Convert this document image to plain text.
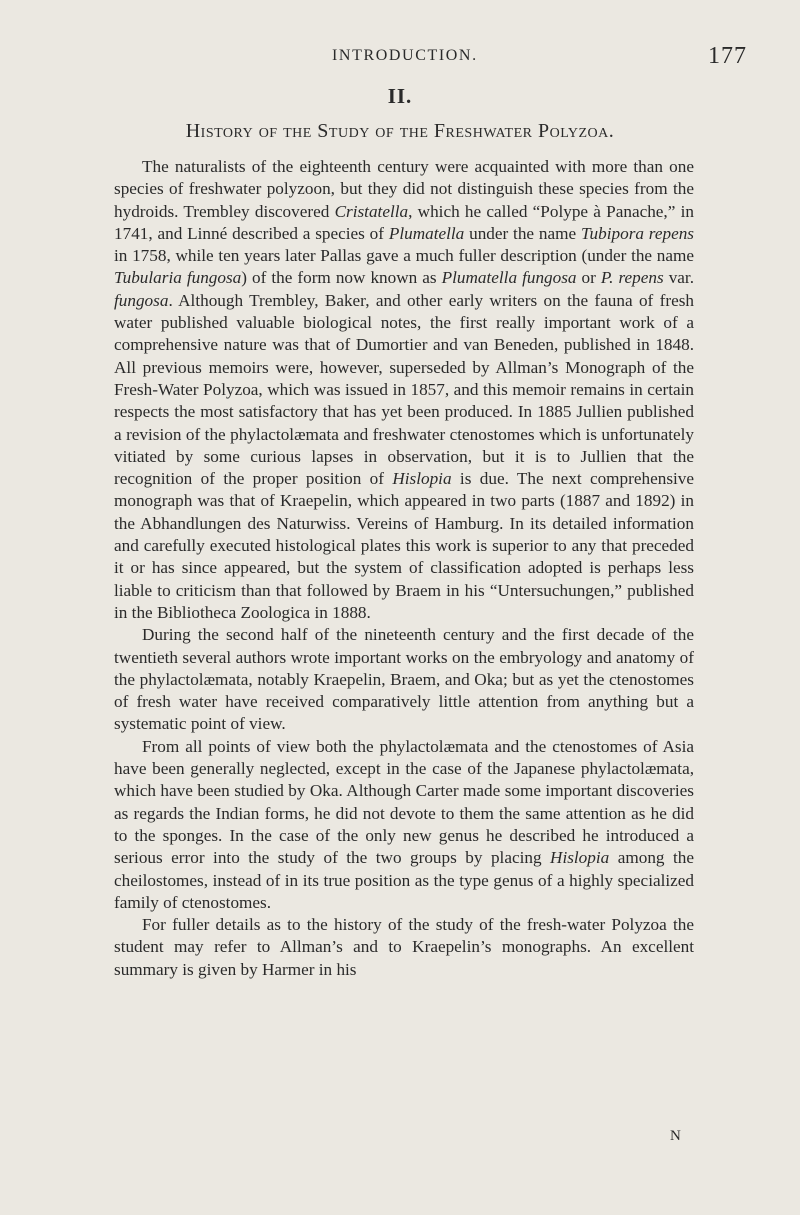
INTRODUCTION.	177
II.
History of the Study of the Freshwater Polyzoa.

The naturalists of the eighteenth century were acquainted with more than one species of freshwater polyzoon, but they did not distinguish these species from the hydroids. Trembley discovered Cristatella, which he called “Polype à Panache,” in 1741, and Linné described a species of Plumatella under the name Tubipora repens in 1758, while ten years later Pallas gave a much fuller description (under the name Tubularia fungosa) of the form now known as Plumatella fungosa or P. repens var. fungosa. Although Trembley, Baker, and other early writers on the fauna of fresh water published valuable biological notes, the first really important work of a comprehensive nature was that of Dumortier and van Beneden, published in 1848. All previous memoirs were, however, superseded by Allman’s Monograph of the Fresh-Water Polyzoa, which was issued in 1857, and this memoir remains in certain respects the most satisfactory that has yet been produced. In 1885 Jullien published a revision of the phylactolæmata and freshwater ctenostomes which is unfortunately vitiated by some curious lapses in observation, but it is to Jullien that the recognition of the proper position of Hislopia is due. The next comprehensive monograph was that of Kraepelin, which appeared in two parts (1887 and 1892) in the Abhandlungen des Naturwiss. Vereins of Hamburg. In its detailed information and carefully executed histological plates this work is superior to any that preceded it or has since appeared, but the system of classification adopted is perhaps less liable to criticism than that followed by Braem in his “Untersuchungen,” published in the Bibliotheca Zoologica in 1888.

During the second half of the nineteenth century and the first decade of the twentieth several authors wrote important works on the embryology and anatomy of the phylactolæmata, notably Kraepelin, Braem, and Oka; but as yet the ctenostomes of fresh water have received comparatively little attention from anything but a systematic point of view.

From all points of view both the phylactolæmata and the ctenostomes of Asia have been generally neglected, except in the case of the Japanese phylactolæmata, which have been studied by Oka. Although Carter made some important discoveries as regards the Indian forms, he did not devote to them the same attention as he did to the sponges. In the case of the only new genus he described he introduced a serious error into the study of the two groups by placing Hislopia among the cheilostomes, instead of in its true position as the type genus of a highly specialized family of ctenostomes.

For fuller details as to the history of the study of the fresh-water Polyzoa the student may refer to Allman’s and to Kraepelin’s monographs. An excellent summary is given by Harmer in his

N
